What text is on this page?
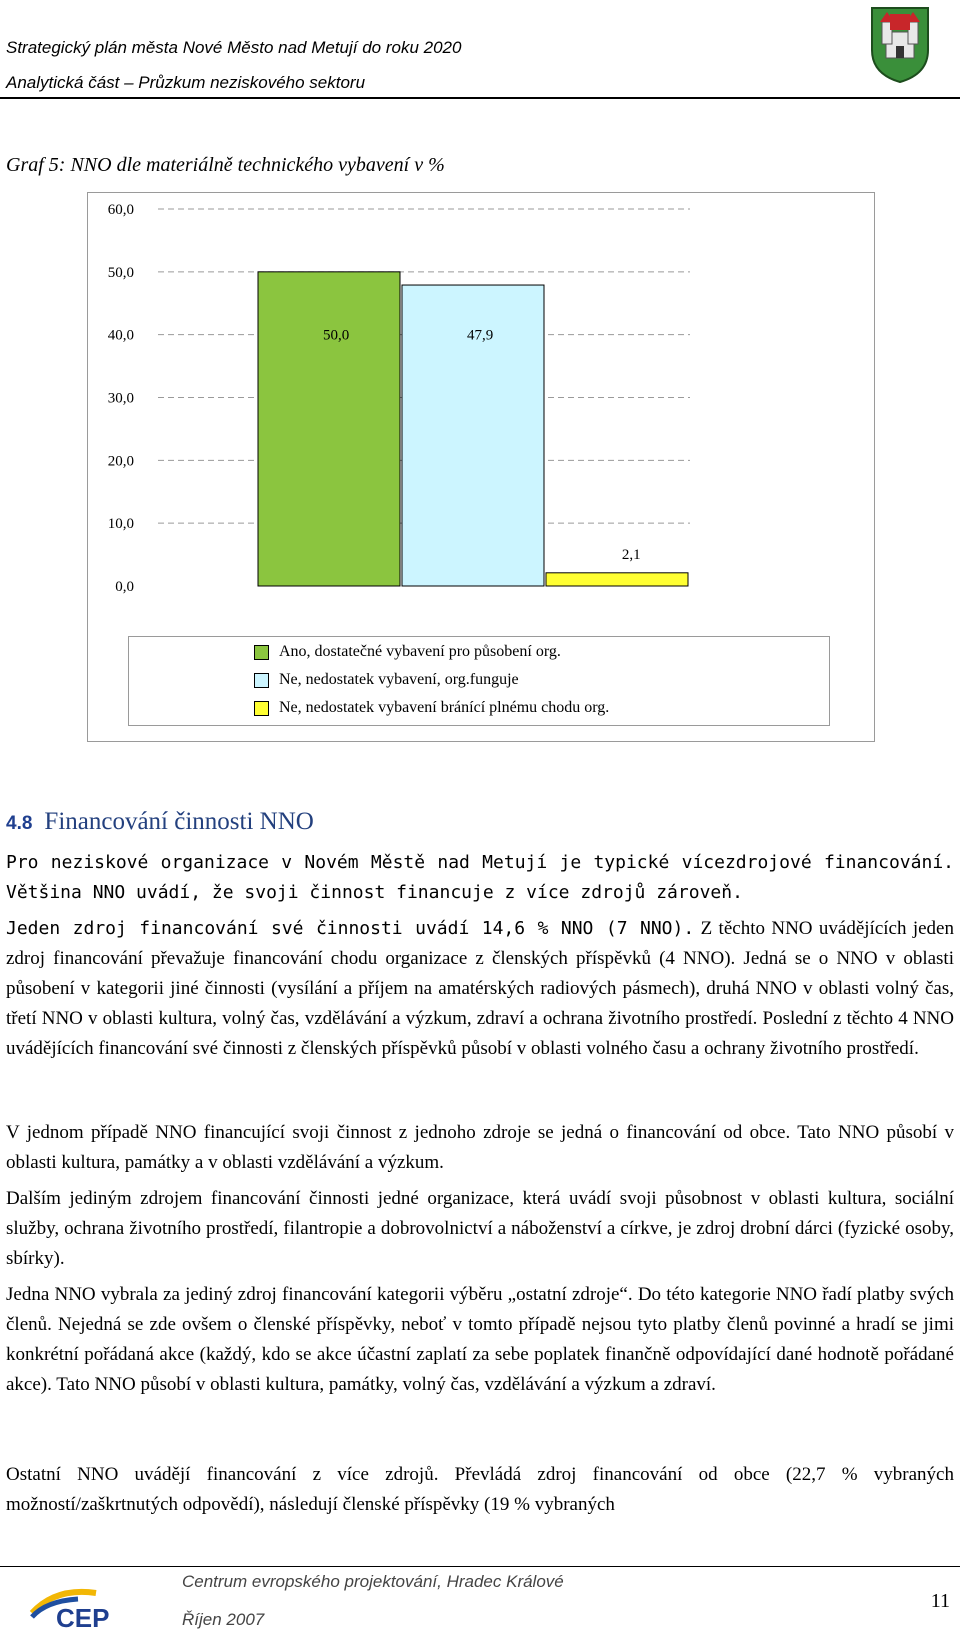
Strategický plán města Nové Město nad Metují do roku 2020
Analytická část – Průzkum neziskového sektoru
Graf 5: NNO dle materiálně technického vybavení v %
0,0
10,0
20,0
30,0
40,0
50,0
60,0
50,0	47,9
2,1
Ano, dostatečné vybavení pro působení org.
Ne, nedostatek vybavení, org.funguje
Ne, nedostatek vybavení bránící plnému chodu org.
4.8 Financování činnosti NNO
Pro neziskové organizace v Novém Městě nad Metují je typické vícezdrojové financování. Většina NNO uvádí, že svoji činnost financuje z více zdrojů zároveň.
Jeden zdroj financování své činnosti uvádí 14,6 % NNO (7 NNO). Z těchto NNO uvádějících jeden zdroj financování převažuje financování chodu organizace z členských příspěvků (4 NNO). Jedná se o NNO v oblasti působení v kategorii jiné činnosti (vysílání a příjem na amatérských radiových pásmech), druhá NNO v oblasti volný čas, třetí NNO v oblasti kultura, volný čas, vzdělávání a výzkum, zdraví a ochrana životního prostředí. Poslední z těchto 4 NNO uvádějících financování své činnosti z členských příspěvků působí v oblasti volného času a ochrany životního prostředí.
V jednom případě NNO financující svoji činnost z jednoho zdroje se jedná o financování od obce. Tato NNO působí v oblasti kultura, památky a v oblasti vzdělávání a výzkum.
Dalším jediným zdrojem financování činnosti jedné organizace, která uvádí svoji působnost v oblasti kultura, sociální služby, ochrana životního prostředí, filantropie a dobrovolnictví a náboženství a církve, je zdroj drobní dárci (fyzické osoby, sbírky).
Jedna NNO vybrala za jediný zdroj financování kategorii výběru „ostatní zdroje“. Do této kategorie NNO řadí platby svých členů. Nejedná se zde ovšem o členské příspěvky, neboť v tomto případě nejsou tyto platby členů povinné a hradí se jimi konkrétní pořádaná akce (každý, kdo se akce účastní zaplatí za sebe poplatek finančně odpovídající dané hodnotě pořádané akce). Tato NNO působí v oblasti kultura, památky, volný čas, vzdělávání a výzkum a zdraví.
Ostatní NNO uvádějí financování z více zdrojů. Převládá zdroj financování od obce (22,7 % vybraných možností/zaškrtnutých odpovědí), následují členské příspěvky (19 % vybraných
CEP
Centrum evropského projektování, Hradec Králové
Říjen 2007
11
